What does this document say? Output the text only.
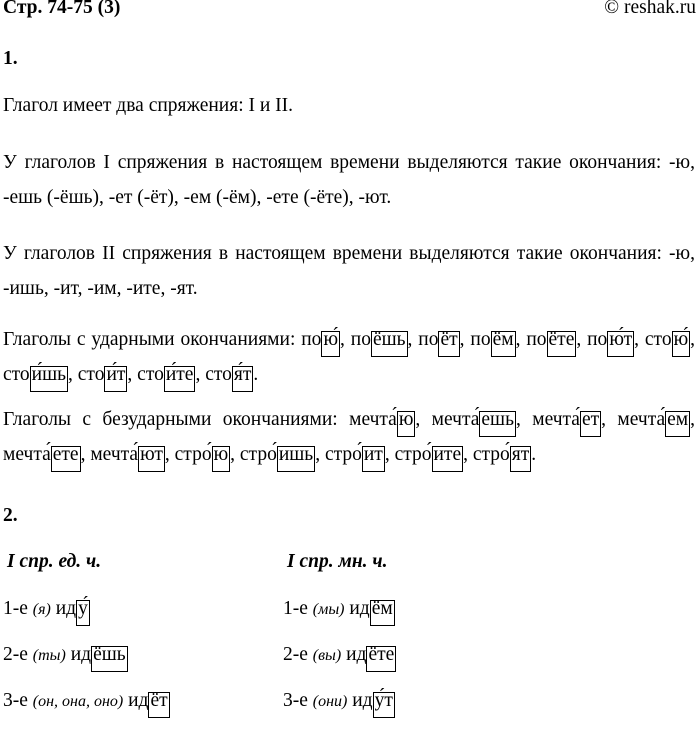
Стр. 74-75 (3)	© reshak.ru
1.
Глагол имеет два спряжения: I и II.
У глаголов I спряжения в настоящем времени выделяются такие окончания: -ю, -ешь (-ёшь), -ет (-ёт), -ем (-ём), -ете (-ёте), -ют.
У глаголов II спряжения в настоящем времени выделяются такие окончания: -ю, -ишь, -ит, -им, -ите, -ят.
Глаголы с ударными окончаниями: по ю́ , по ёшь , по ёт , по ём , по ёте , по ю́т , сто ю́ , сто и́шь , сто и́т , сто и́те , сто я́т .
Глаголы с безударными окончаниями: мечта́ ю , мечта́ ешь , мечта́ ет , мечта́ ем , мечта́ ете , мечта́ ют , стро́ ю , стро́ ишь , стро́ ит , стро́ ите , стро́ ят .
2.
I спр. ед. ч.
1-е (я) ид у́
2-е (ты) ид ёшь
3-е (он, она, оно) ид ёт
I спр. мн. ч.
1-е (мы) ид ём
2-е (вы) ид ёте
3-е (они) ид у́т
